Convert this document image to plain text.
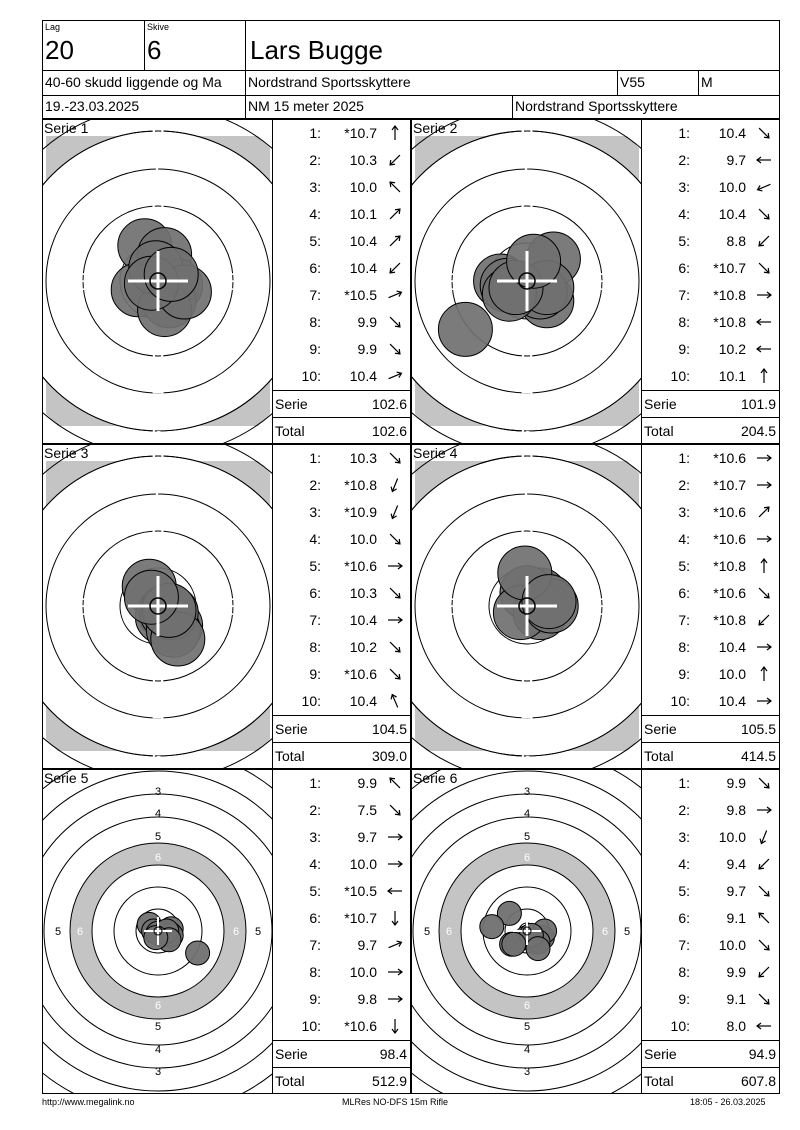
Lag
20
Skive
6	Lars Bugge
40-60 skudd liggende og Ma	Nordstrand Sportsskyttere	V55	M
19.-23.03.2025	NM 15 meter 2025	Nordstrand Sportsskyttere
Serie 1	6
7
8
8
7
6
8	8
1:	*10.7
2:	10.3
3:	10.0
4:	10.1
5:	10.4
6:	10.4
7:	*10.5
8:	9.9
9:	9.9
10:	10.4
Serie	102.6
Total	102.6
Serie 2	6
7
8
8
7
6
8	8
1:	10.4
2:	9.7
3:	10.0
4:	10.4
5:	8.8
6:	*10.7
7:	*10.8
8:	*10.8
9:	10.2
10:	10.1
Serie	101.9
Total	204.5
Serie 3	6
7
8
8
7
6
8	8
1:	10.3
2:	*10.8
3:	*10.9
4:	10.0
5:	*10.6
6:	10.3
7:	10.4
8:	10.2
9:	*10.6
10:	10.4
Serie	104.5
Total	309.0
Serie 4	6
7
8
8
7
6
8	8
1:	*10.6
2:	*10.7
3:	*10.6
4:	*10.6
5:	*10.8
6:	*10.6
7:	*10.8
8:	10.4
9:	10.0
10:	10.4
Serie	105.5
Total	414.5
Serie 5
3
3
4
4
5
5
6
6
7
7
8
8
5 6 7 8	8 7 6 5
1:	9.9
2:	7.5
3:	9.7
4:	10.0
5:	*10.5
6:	*10.7
7:	9.7
8:	10.0
9:	9.8
10:	*10.6
Serie	98.4
Total	512.9
Serie 6
3
3
4
4
5
5
6
6
7
7
8
8
5 6 7	8 7 6 5
1:	9.9
2:	9.8
3:	10.0
4:	9.4
5:	9.7
6:	9.1
7:	10.0
8:	9.9
9:	9.1
10:	8.0
Serie	94.9
Total	607.8
http://www.megalink.no	MLRes NO-DFS 15m Rifle	18:05 - 26.03.2025
